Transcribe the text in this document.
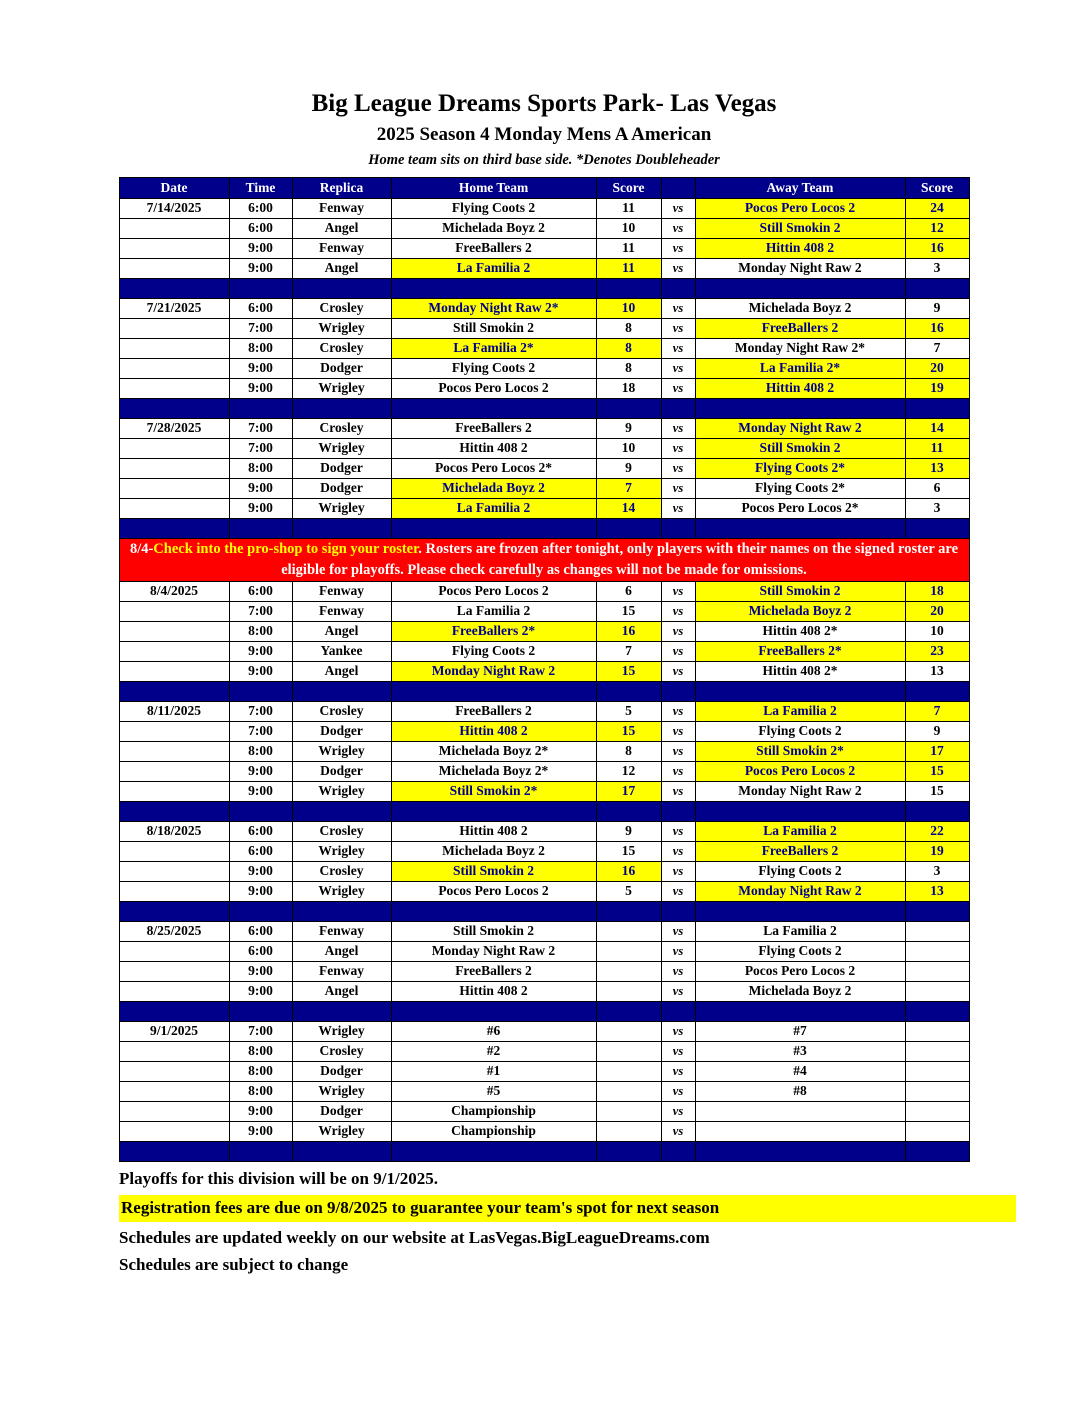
Big League Dreams Sports Park- Las Vegas
2025 Season 4 Monday Mens A American
Home team sits on third base side. *Denotes Doubleheader
Date	Time	Replica	Home Team	Score		Away Team	Score
7/14/2025	6:00	Fenway	Flying Coots 2	11	vs	Pocos Pero Locos 2	24
	6:00	Angel	Michelada Boyz 2	10	vs	Still Smokin 2	12
	9:00	Fenway	FreeBallers 2	11	vs	Hittin 408 2	16
	9:00	Angel	La Familia 2	11	vs	Monday Night Raw 2	3

7/21/2025	6:00	Crosley	Monday Night Raw 2*	10	vs	Michelada Boyz 2	9
	7:00	Wrigley	Still Smokin 2	8	vs	FreeBallers 2	16
	8:00	Crosley	La Familia 2*	8	vs	Monday Night Raw 2*	7
	9:00	Dodger	Flying Coots 2	8	vs	La Familia 2*	20
	9:00	Wrigley	Pocos Pero Locos 2	18	vs	Hittin 408 2	19

7/28/2025	7:00	Crosley	FreeBallers 2	9	vs	Monday Night Raw 2	14
	7:00	Wrigley	Hittin 408 2	10	vs	Still Smokin 2	11
	8:00	Dodger	Pocos Pero Locos 2*	9	vs	Flying Coots 2*	13
	9:00	Dodger	Michelada Boyz 2	7	vs	Flying Coots 2*	6
	9:00	Wrigley	La Familia 2	14	vs	Pocos Pero Locos 2*	3

8/4-Check into the pro-shop to sign your roster. Rosters are frozen after tonight, only players with their names on the signed roster are eligible for playoffs. Please check carefully as changes will not be made for omissions.							
8/4/2025	6:00	Fenway	Pocos Pero Locos 2	6	vs	Still Smokin 2	18
	7:00	Fenway	La Familia 2	15	vs	Michelada Boyz 2	20
	8:00	Angel	FreeBallers 2*	16	vs	Hittin 408 2*	10
	9:00	Yankee	Flying Coots 2	7	vs	FreeBallers 2*	23
	9:00	Angel	Monday Night Raw 2	15	vs	Hittin 408 2*	13

8/11/2025	7:00	Crosley	FreeBallers 2	5	vs	La Familia 2	7
	7:00	Dodger	Hittin 408 2	15	vs	Flying Coots 2	9
	8:00	Wrigley	Michelada Boyz 2*	8	vs	Still Smokin 2*	17
	9:00	Dodger	Michelada Boyz 2*	12	vs	Pocos Pero Locos 2	15
	9:00	Wrigley	Still Smokin 2*	17	vs	Monday Night Raw 2	15

8/18/2025	6:00	Crosley	Hittin 408 2	9	vs	La Familia 2	22
	6:00	Wrigley	Michelada Boyz 2	15	vs	FreeBallers 2	19
	9:00	Crosley	Still Smokin 2	16	vs	Flying Coots 2	3
	9:00	Wrigley	Pocos Pero Locos 2	5	vs	Monday Night Raw 2	13

8/25/2025	6:00	Fenway	Still Smokin 2		vs	La Familia 2	
	6:00	Angel	Monday Night Raw 2		vs	Flying Coots 2	
	9:00	Fenway	FreeBallers 2		vs	Pocos Pero Locos 2	
	9:00	Angel	Hittin 408 2		vs	Michelada Boyz 2	

9/1/2025	7:00	Wrigley	#6		vs	#7	
	8:00	Crosley	#2		vs	#3	
	8:00	Dodger	#1		vs	#4	
	8:00	Wrigley	#5		vs	#8	
	9:00	Dodger	Championship		vs		
	9:00	Wrigley	Championship		vs		

Playoffs for this division will be on 9/1/2025.
Registration fees are due on 9/8/2025 to guarantee your team's spot for next season
Schedules are updated weekly on our website at LasVegas.BigLeagueDreams.com
Schedules are subject to change
